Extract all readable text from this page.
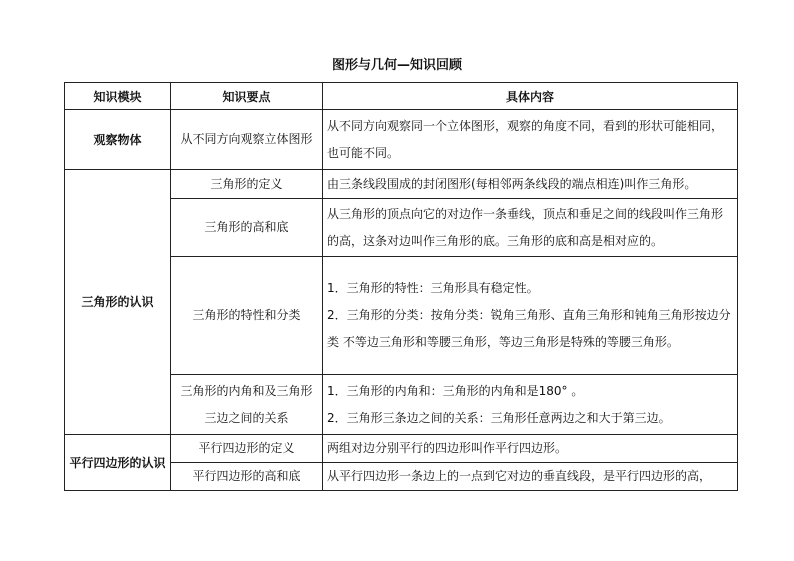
图形与几何—知识回顾
知识模块	知识要点	具体内容
观察物体	从不同方向观察立体图形	从不同方向观察同一个立体图形，观察的角度不同，看到的形状可能相同，也可能不同。
三角形的认识	三角形的定义	由三条线段围成的封闭图形(每相邻两条线段的端点相连)叫作三角形。
	三角形的高和底	从三角形的顶点向它的对边作一条垂线，顶点和垂足之间的线段叫作三角形的高，这条对边叫作三角形的底。三角形的底和高是相对应的。
	三角形的特性和分类	1．三角形的特性：三角形具有稳定性。

2．三角形的分类：按角分类：锐角三角形、直角三角形和钝角三角形按边分类 不等边三角形和等腰三角形，等边三角形是特殊的等腰三角形。

	三角形的内角和及三角形三边之间的关系	1．三角形的内角和：三角形的内角和是180° 。

2．三角形三条边之间的关系：三角形任意两边之和大于第三边。

平行四边形的认识	平行四边形的定义	两组对边分别平行的四边形叫作平行四边形。
	平行四边形的高和底	从平行四边形一条边上的一点到它对边的垂直线段，是平行四边形的高，
